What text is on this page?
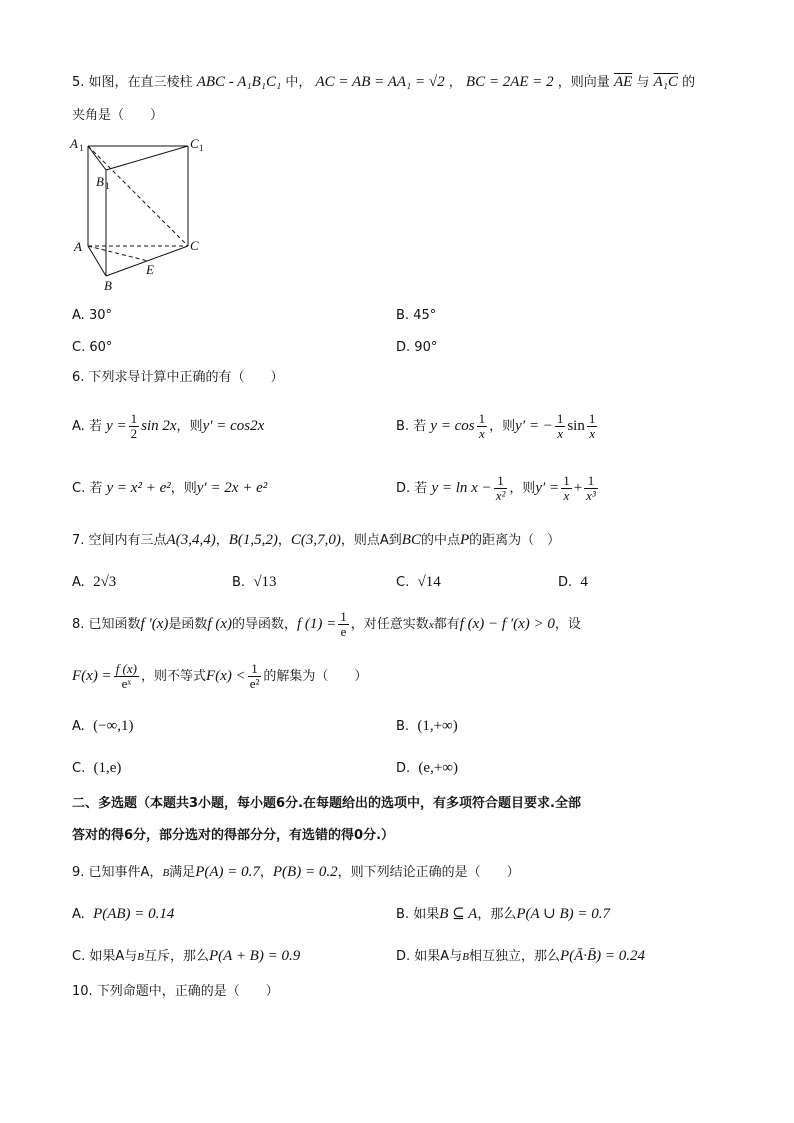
5. 如图，在直三棱柱 ABC - A₁B₁C₁ 中， AC = AB = AA₁ = √2 ， BC = 2AE = 2 ，则向量 $\overline{AE}$ 与 A₁C 的
夹角是（　　）
A 1	C 1
B 1
A	C
E
B
A. 30°	B. 45°
C. 60°	D. 90°
6. 下列求导计算中正确的有（　　）
A. 若 $y = \frac{1}{2}$ sin 2x，则y′ = cos2x	B. 若 $y = \cos \frac{1}{x}$ ，则y′ = − $\frac{1}{x}$ $\sin \frac{1}{x}$
C. 若 y = x² + e²，则y′ = 2x + e²	D. 若 $y = \ln x - \frac{1}{\text{x²}}$ ，则$y' = \frac{1}{x} + \frac{1}{\text{x³}}$
7. 空间内有三点A(3,4,4)，B(1,5,2)，C(3,7,0)，则点A到BC的中点P的距离为（　）
A. 2√3	B. √13	C. √14	D. 4
8. 已知函数f ′(x)是函数f (x)的导函数，f $(1) = \frac{1}{e}$ ，对任意实数x都有f (x) − f ′(x) > 0，设
$F(x) = \frac{f (x)}{\text{eˣ}}$ ，则不等式$F(x) < \frac{1}{\text{e²}}$ 的解集为（　　）
A. (−∞,1)	B. (1,+∞)
C. (1,e)	D. (e,+∞)
二、多选题（本题共3小题，每小题6分.在每题给出的选项中，有多项符合题目要求.全部
答对的得6分，部分选对的得部分分，有选错的得0分.）
9. 已知事件A，B满足P(A) = 0.7，P(B) = 0.2，则下列结论正确的是（　　）
A. P(AB) = 0.14	B. 如果B ⊆ A，那么P(A ∪ B) = 0.7
C. 如果A与B互斥，那么P(A + B) = 0.9	D. 如果A与B相互独立，那么P(Ā·B̄) = 0.24
10. 下列命题中，正确的是（　　）
